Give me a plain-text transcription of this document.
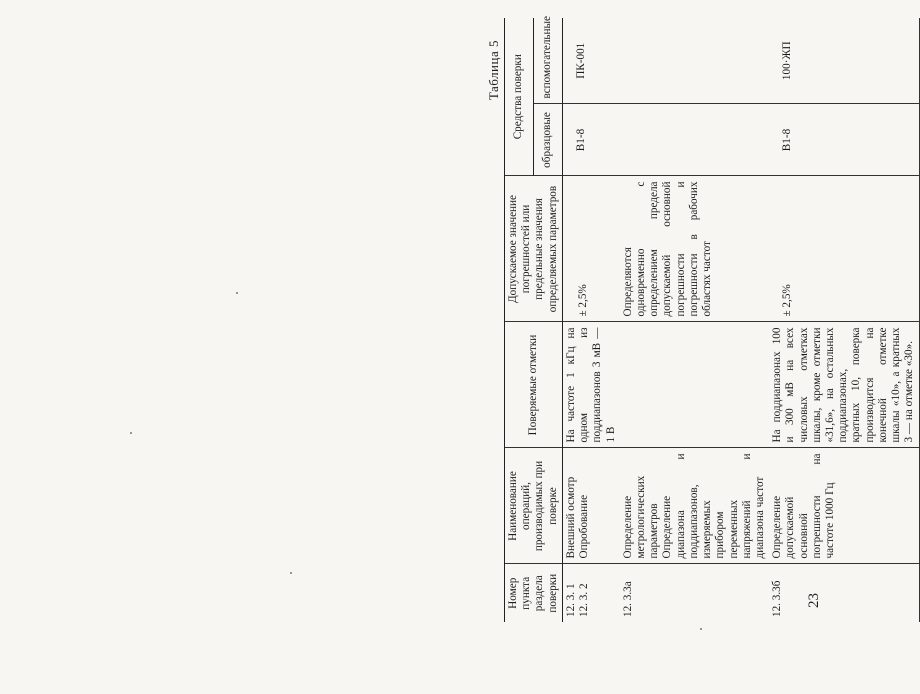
Таблица 5
Номер пункта раздела поверки	Наименование операций, производимых при поверке	Поверяемые отметки	Допускаемое значение погрешностей или предельные значения определяемых параметров	Средства поверки	
				образцовые	вспомогательные

12. 3. 1 12. 3. 2	Внешний осмотр Опробование	На частоте 1 кГц на одном из поддиапазонов 3 мВ — 1 В	± 2,5%	В1-8	ПК-001

12. 3.3а	Определение метрологических параметров Определение диапазона и поддиапазонов, измеряемых прибором переменных напряжений и диапазона частот		Определяются одновременно с определением предела допускаемой основной погрешности и погрешности в рабочих областях частот		

12. 3.3б	Определение допускаемой основной погрешности на частоте 1000 Гц	На поддиапазонах 100 и 300 мВ на всех числовых отметках шкалы, кроме отметки «31,6», на остальных поддиапазонах, кратных 10, поверка производится на конечной отметке шкалы «10», а кратных 3 — на отметке «30».	± 2,5%	В1-8	100·ЖП
23
